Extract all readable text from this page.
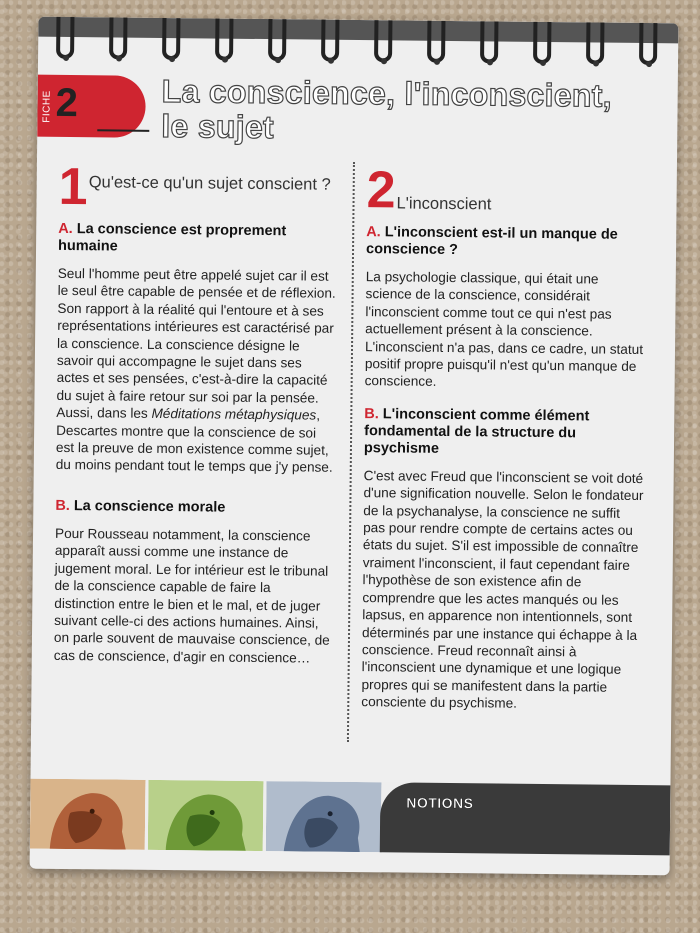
FICHE 2	La conscience, l'inconscient, le sujet
1 Qu'est-ce qu'un sujet conscient ?
A. La conscience est proprement humaine

Seul l'homme peut être appelé sujet car il est le seul être capable de pensée et de réflexion. Son rapport à la réalité qui l'entoure et à ses représentations intérieures est caractérisé par la conscience. La conscience désigne le savoir qui accompagne le sujet dans ses actes et ses pensées, c'est-à-dire la capacité du sujet à faire retour sur soi par la pensée. Aussi, dans les Méditations métaphysiques, Descartes montre que la conscience de soi est la preuve de mon existence comme sujet, du moins pendant tout le temps que j'y pense.

B. La conscience morale

Pour Rousseau notamment, la conscience apparaît aussi comme une instance de jugement moral. Le for intérieur est le tribunal de la conscience capable de faire la distinction entre le bien et le mal, et de juger suivant celle-ci des actions humaines. Ainsi, on parle souvent de mauvaise conscience, de cas de conscience, d'agir en conscience…

2 L'inconscient
A. L'inconscient est-il un manque de conscience ?

La psychologie classique, qui était une science de la conscience, considérait l'inconscient comme tout ce qui n'est pas actuellement présent à la conscience. L'inconscient n'a pas, dans ce cadre, un statut positif propre puisqu'il n'est qu'un manque de conscience.

B. L'inconscient comme élément fondamental de la structure du psychisme

C'est avec Freud que l'inconscient se voit doté d'une signification nouvelle. Selon le fondateur de la psychanalyse, la conscience ne suffit pas pour rendre compte de certains actes ou états du sujet. S'il est impossible de connaître vraiment l'inconscient, il faut cependant faire l'hypothèse de son existence afin de comprendre que les actes manqués ou les lapsus, en apparence non intentionnels, sont déterminés par une instance qui échappe à la conscience. Freud reconnaît ainsi à l'inconscient une dynamique et une logique propres qui se manifestent dans la partie consciente du psychisme.

NOTIONS
